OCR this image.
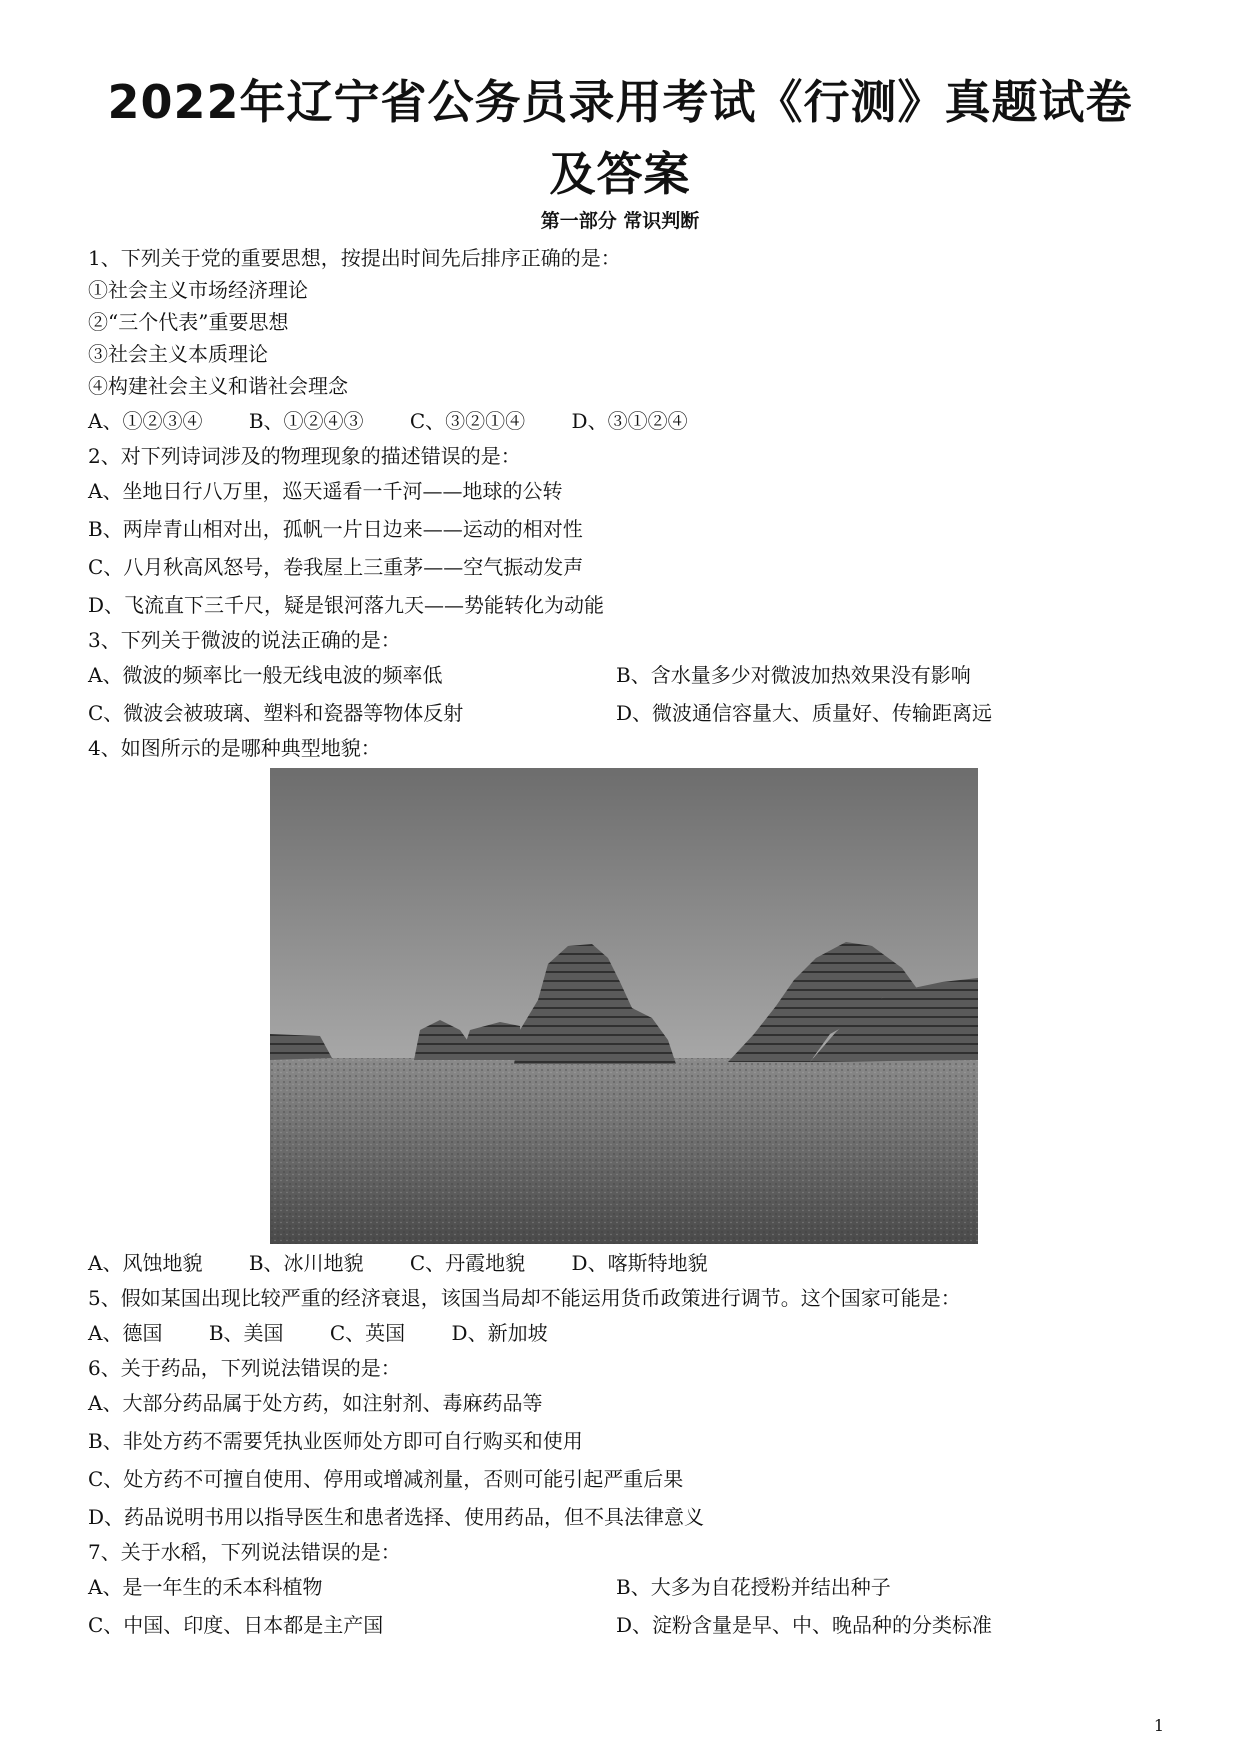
2022年辽宁省公务员录用考试《行测》真题试卷
及答案
第一部分 常识判断
1、下列关于党的重要思想，按提出时间先后排序正确的是：
①社会主义市场经济理论
②“三个代表”重要思想
③社会主义本质理论
④构建社会主义和谐社会理念
A、①②③④ B、①②④③ C、③②①④ D、③①②④
2、对下列诗词涉及的物理现象的描述错误的是：
A、坐地日行八万里，巡天遥看一千河——地球的公转
B、两岸青山相对出，孤帆一片日边来——运动的相对性
C、八月秋高风怒号，卷我屋上三重茅——空气振动发声
D、飞流直下三千尺，疑是银河落九天——势能转化为动能
3、下列关于微波的说法正确的是：
A、微波的频率比一般无线电波的频率低	B、含水量多少对微波加热效果没有影响
C、微波会被玻璃、塑料和瓷器等物体反射	D、微波通信容量大、质量好、传输距离远
4、如图所示的是哪种典型地貌：
A、风蚀地貌 B、冰川地貌 C、丹霞地貌 D、喀斯特地貌
5、假如某国出现比较严重的经济衰退，该国当局却不能运用货币政策进行调节。这个国家可能是：
A、德国 B、美国 C、英国 D、新加坡
6、关于药品，下列说法错误的是：
A、大部分药品属于处方药，如注射剂、毒麻药品等
B、非处方药不需要凭执业医师处方即可自行购买和使用
C、处方药不可擅自使用、停用或增减剂量，否则可能引起严重后果
D、药品说明书用以指导医生和患者选择、使用药品，但不具法律意义
7、关于水稻，下列说法错误的是：
A、是一年生的禾本科植物	B、大多为自花授粉并结出种子
C、中国、印度、日本都是主产国	D、淀粉含量是早、中、晚品种的分类标准
1
